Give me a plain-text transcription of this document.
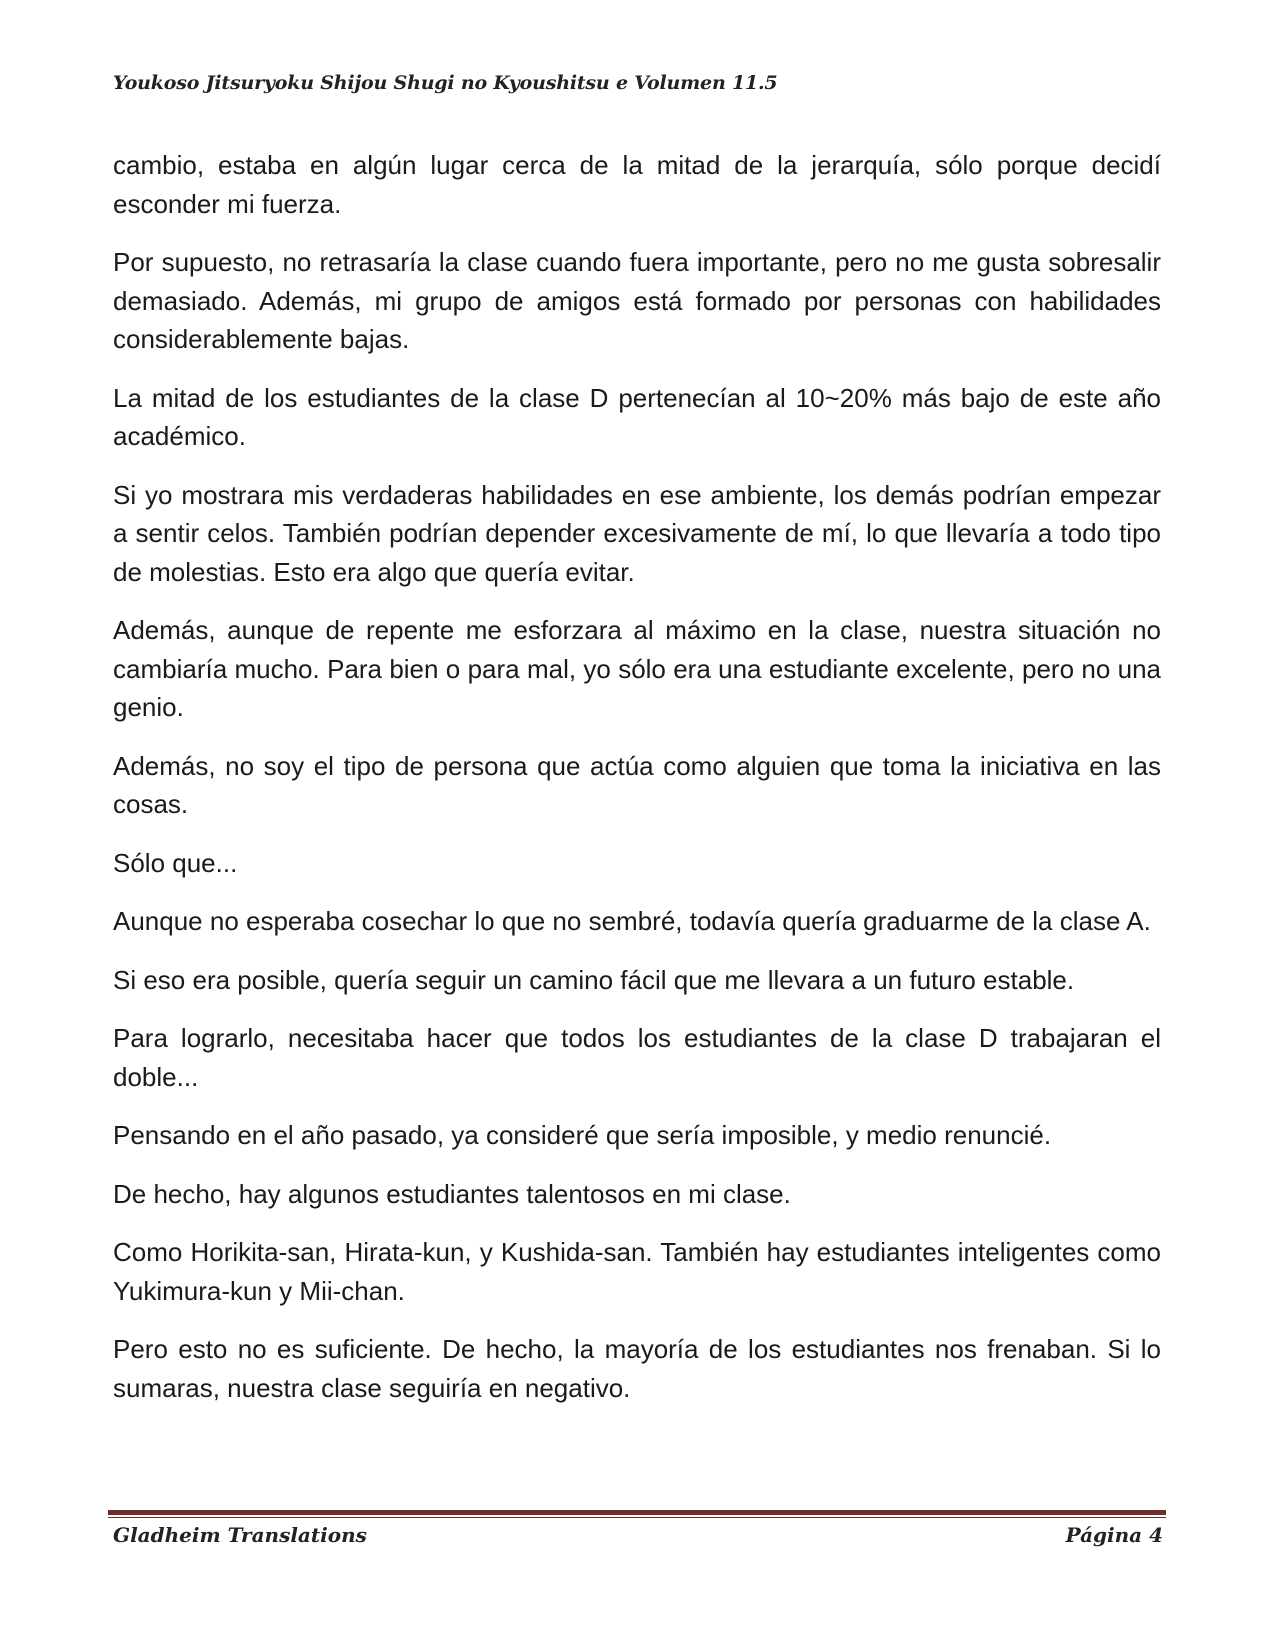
Youkoso Jitsuryoku Shijou Shugi no Kyoushitsu e Volumen 11.5

cambio, estaba en algún lugar cerca de la mitad de la jerarquía, sólo porque decidí esconder mi fuerza.

Por supuesto, no retrasaría la clase cuando fuera importante, pero no me gusta sobresalir demasiado. Además, mi grupo de amigos está formado por personas con habilidades considerablemente bajas.

La mitad de los estudiantes de la clase D pertenecían al 10~20% más bajo de este año académico.

Si yo mostrara mis verdaderas habilidades en ese ambiente, los demás podrían empezar a sentir celos. También podrían depender excesivamente de mí, lo que llevaría a todo tipo de molestias. Esto era algo que quería evitar.

Además, aunque de repente me esforzara al máximo en la clase, nuestra situación no cambiaría mucho. Para bien o para mal, yo sólo era una estudiante excelente, pero no una genio.

Además, no soy el tipo de persona que actúa como alguien que toma la iniciativa en las cosas.

Sólo que...

Aunque no esperaba cosechar lo que no sembré, todavía quería graduarme de la clase A.

Si eso era posible, quería seguir un camino fácil que me llevara a un futuro estable.

Para lograrlo, necesitaba hacer que todos los estudiantes de la clase D trabajaran el doble...

Pensando en el año pasado, ya consideré que sería imposible, y medio renuncié.

De hecho, hay algunos estudiantes talentosos en mi clase.

Como Horikita-san, Hirata-kun, y Kushida-san. También hay estudiantes inteligentes como Yukimura-kun y Mii-chan.

Pero esto no es suficiente. De hecho, la mayoría de los estudiantes nos frenaban. Si lo sumaras, nuestra clase seguiría en negativo.

Gladheim Translations	Página 4
